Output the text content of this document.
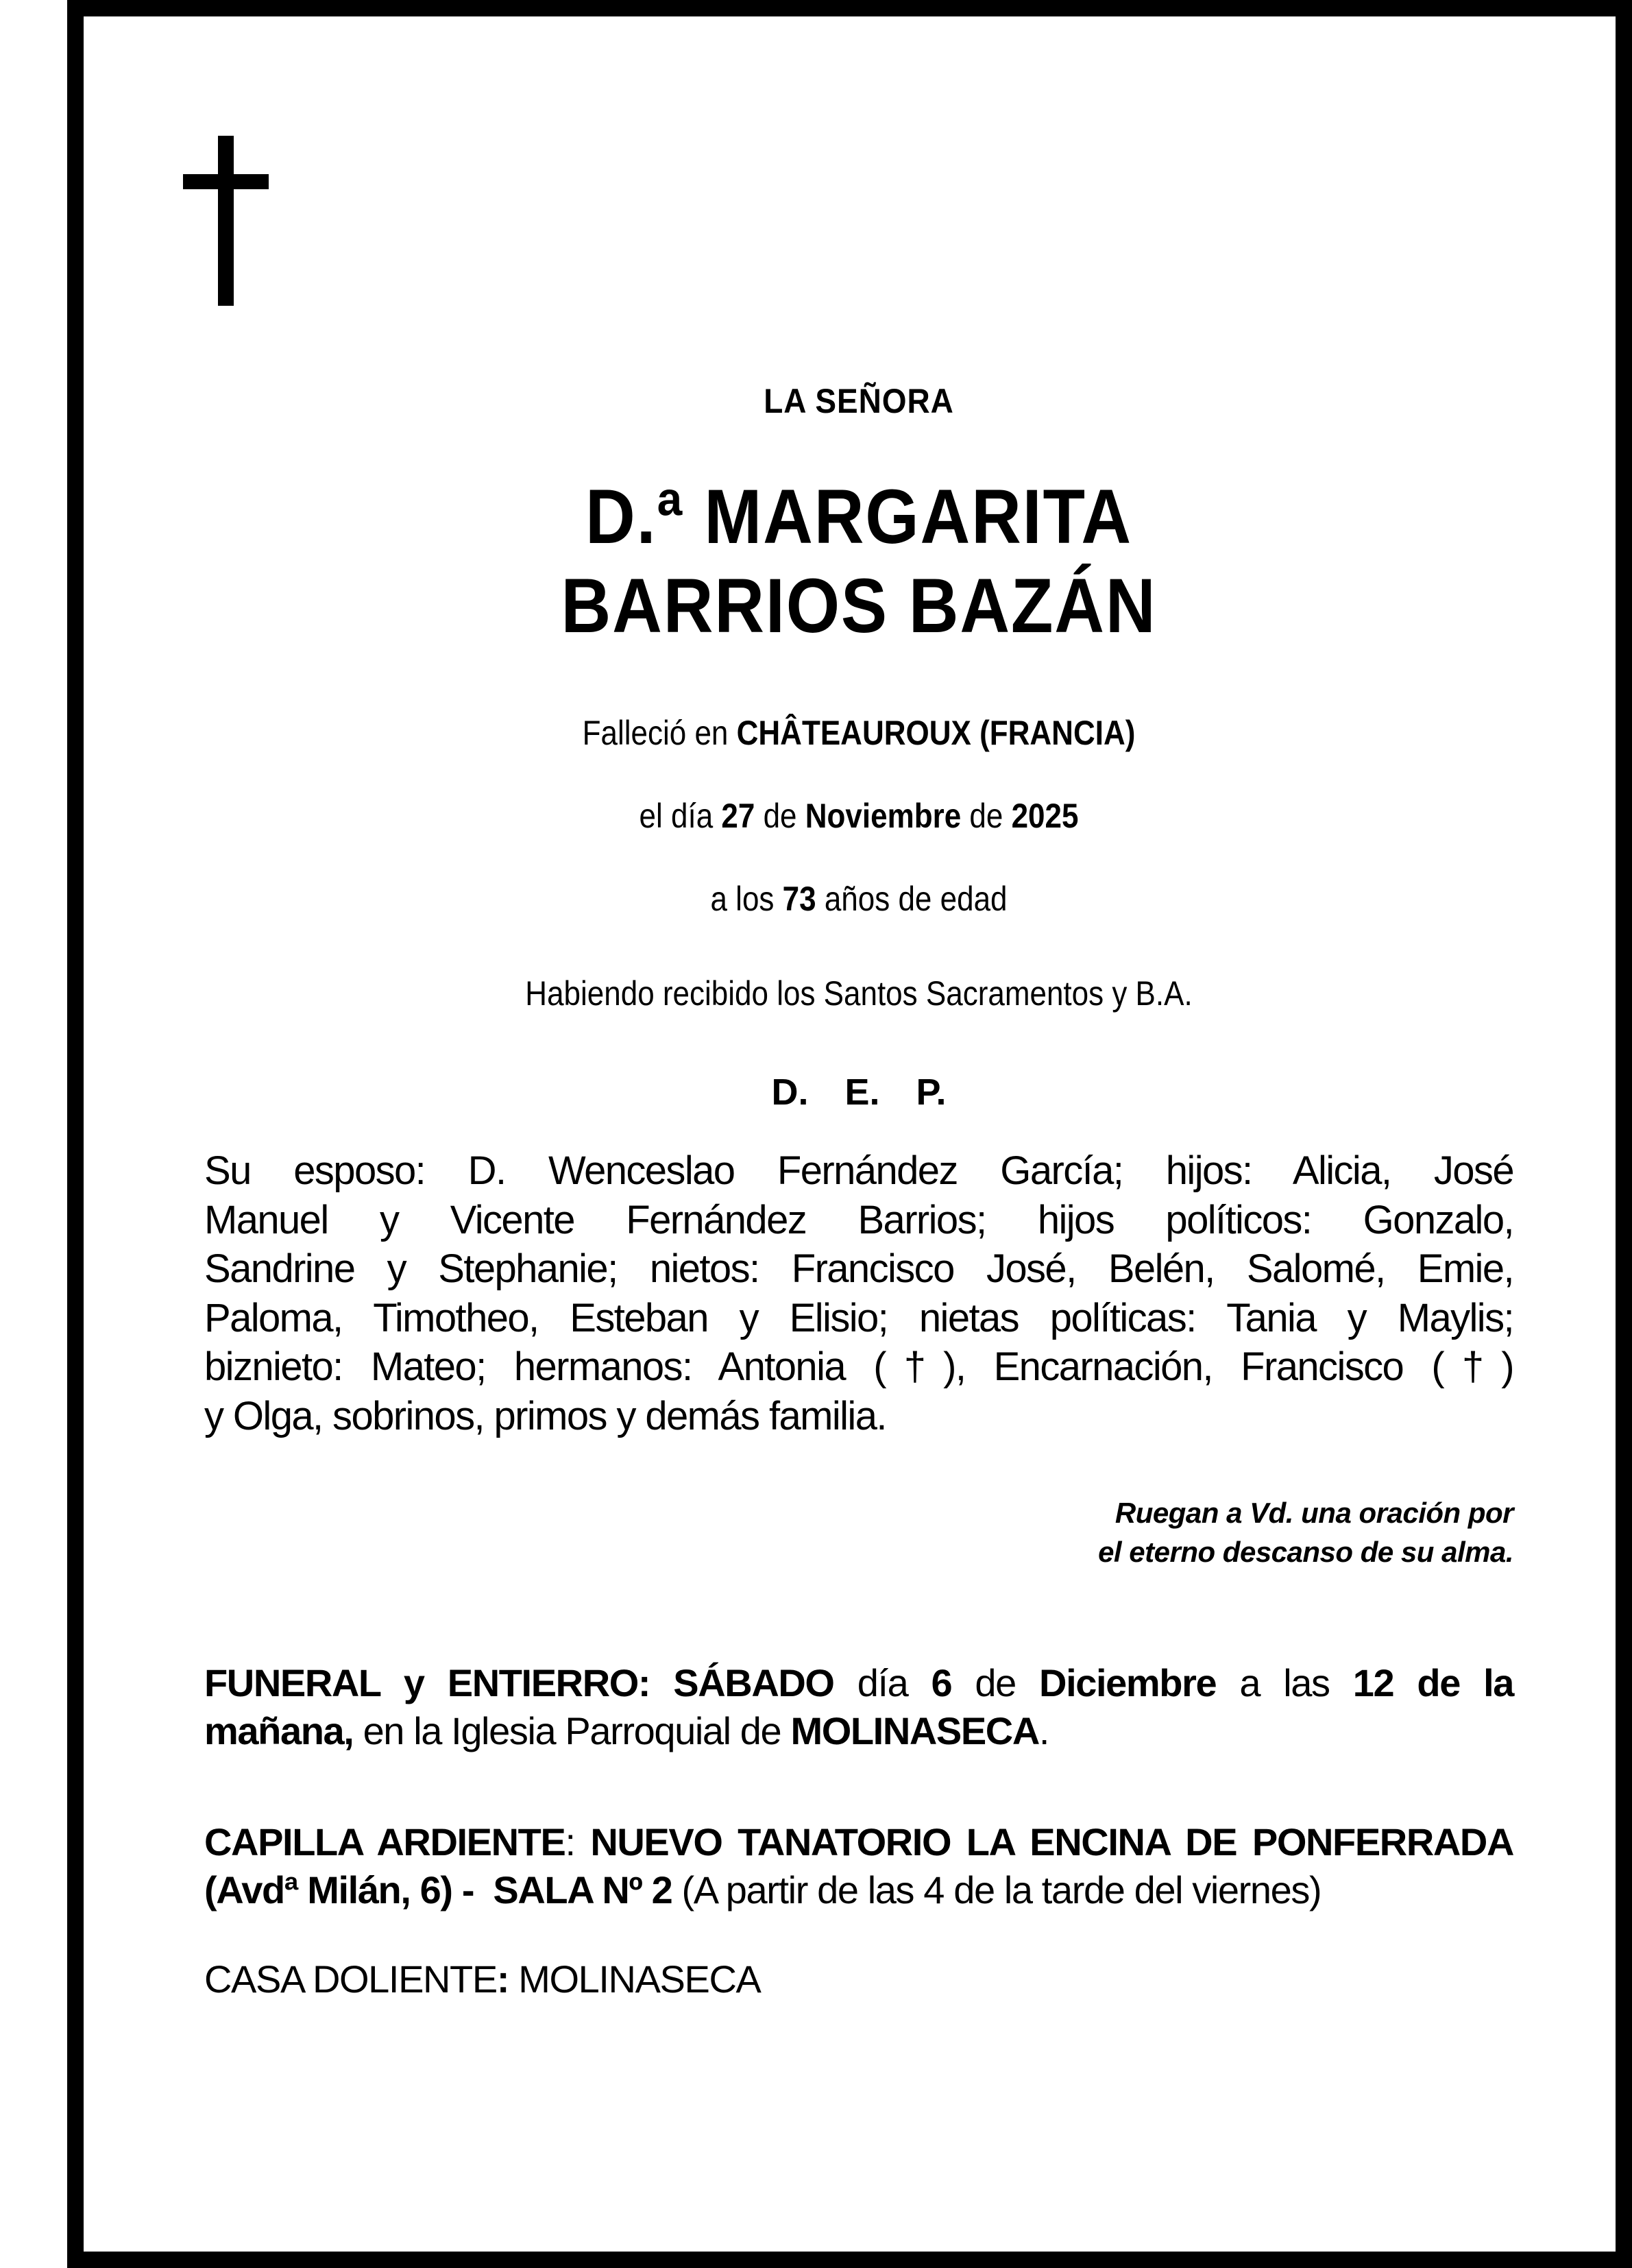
LA SEÑORA
D.ª MARGARITA
BARRIOS BAZÁN
Falleció en CHÂTEAUROUX (FRANCIA)
el día 27 de Noviembre de 2025
a los 73 años de edad
Habiendo recibido los Santos Sacramentos y B.A.
D. E. P.
Su esposo: D. Wenceslao Fernández García; hijos: Alicia, José
Manuel y Vicente Fernández Barrios; hijos políticos: Gonzalo,
Sandrine y Stephanie; nietos: Francisco José, Belén, Salomé, Emie,
Paloma, Timotheo, Esteban y Elisio; nietas políticas: Tania y Maylis;
biznieto: Mateo; hermanos: Antonia (†), Encarnación, Francisco (†)
y Olga, sobrinos, primos y demás familia.
Ruegan a Vd. una oración por
el eterno descanso de su alma.
FUNERAL y ENTIERRO: SÁBADO día 6 de Diciembre a las 12 de la
mañana, en la Iglesia Parroquial de MOLINASECA.
CAPILLA ARDIENTE: NUEVO TANATORIO LA ENCINA DE PONFERRADA
(Avdª Milán, 6) - SALA Nº 2 (A partir de las 4 de la tarde del viernes)
CASA DOLIENTE: MOLINASECA
